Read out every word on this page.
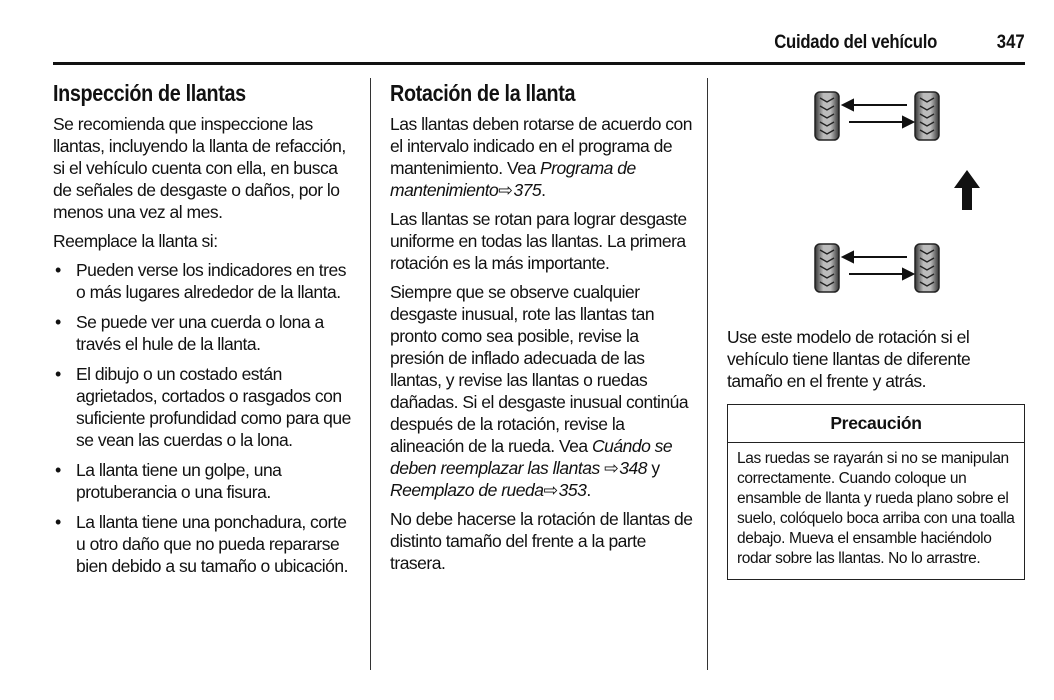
Cuidado del vehículo	347
Inspección de llantas

Se recomienda que inspeccione las llantas, incluyendo la llanta de refacción, si el vehículo cuenta con ella, en busca de señales de desgaste o daños, por lo menos una vez al mes.

Reemplace la llanta si:

• Pueden verse los indicadores en tres o más lugares alrededor de la llanta.
• Se puede ver una cuerda o lona a través el hule de la llanta.
• El dibujo o un costado están agrietados, cortados o rasgados con suficiente profundidad como para que se vean las cuerdas o la lona.
• La llanta tiene un golpe, una protuberancia o una fisura.
• La llanta tiene una ponchadura, corte u otro daño que no pueda repararse bien debido a su tamaño o ubicación.
Rotación de la llanta

Las llantas deben rotarse de acuerdo con el intervalo indicado en el programa de mantenimiento. Vea Programa de mantenimiento⇨ 375.

Las llantas se rotan para lograr desgaste uniforme en todas las llantas. La primera rotación es la más importante.

Siempre que se observe cualquier desgaste inusual, rote las llantas tan pronto como sea posible, revise la presión de inflado adecuada de las llantas, y revise las llantas o ruedas dañadas. Si el desgaste inusual continúa después de la rotación, revise la alineación de la rueda. Vea Cuándo se deben reemplazar las llantas ⇨ 348 y Reemplazo de rueda⇨ 353.

No debe hacerse la rotación de llantas de distinto tamaño del frente a la parte trasera.

Use este modelo de rotación si el vehículo tiene llantas de diferente tamaño en el frente y atrás.

Precaución
Las ruedas se rayarán si no se manipulan correctamente. Cuando coloque un ensamble de llanta y rueda plano sobre el suelo, colóquelo boca arriba con una toalla debajo. Mueva el ensamble haciéndolo rodar sobre las llantas. No lo arrastre.
